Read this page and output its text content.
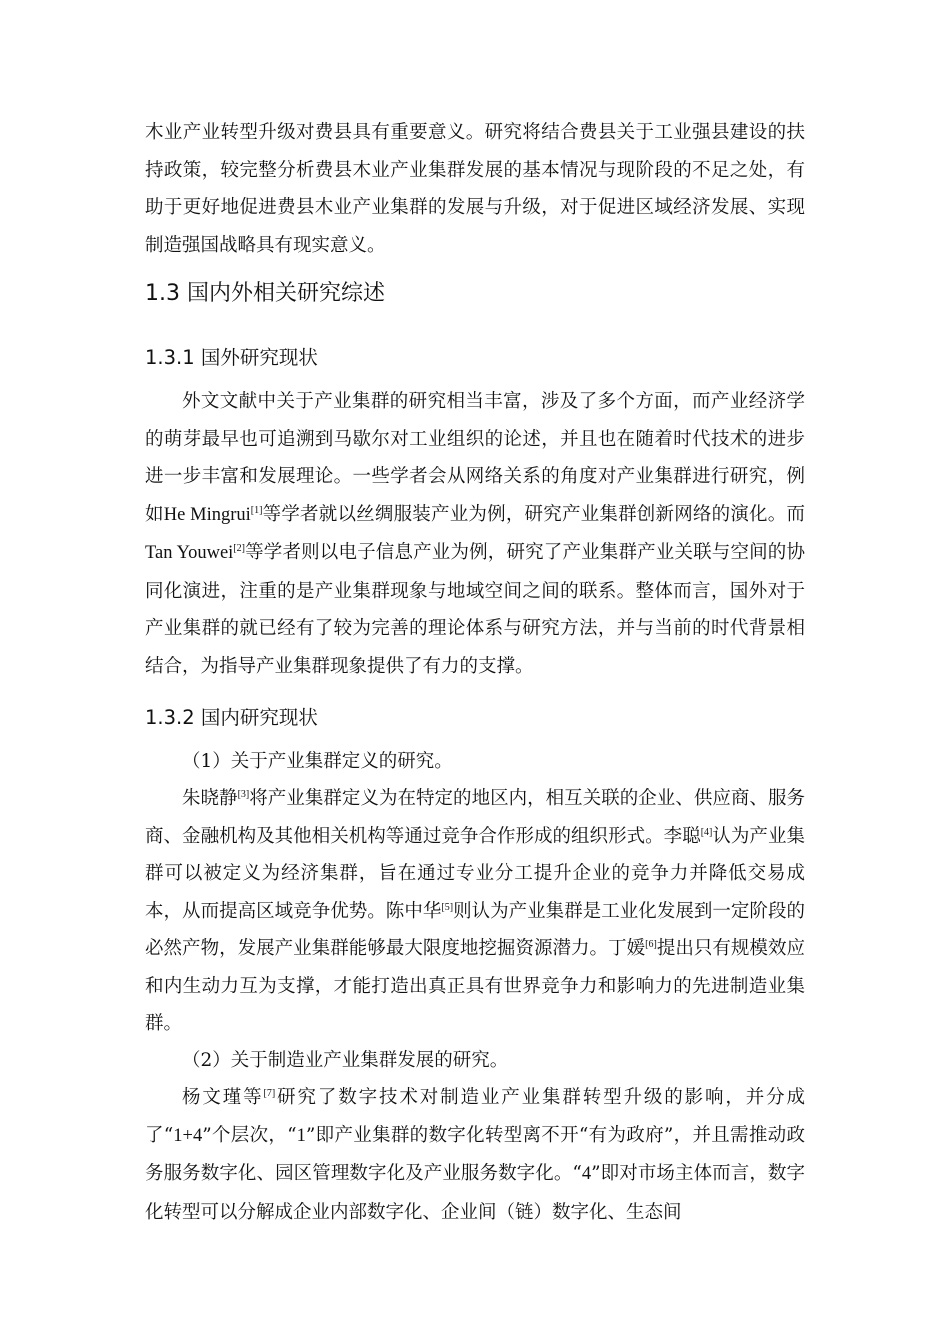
木业产业转型升级对费县具有重要意义。研究将结合费县关于工业强县建设的扶持政策，较完整分析费县木业产业集群发展的基本情况与现阶段的不足之处，有助于更好地促进费县木业产业集群的发展与升级，对于促进区域经济发展、实现制造强国战略具有现实意义。

1.3 国内外相关研究综述
1.3.1 国外研究现状

外文文献中关于产业集群的研究相当丰富，涉及了多个方面，而产业经济学的萌芽最早也可追溯到马歇尔对工业组织的论述，并且也在随着时代技术的进步进一步丰富和发展理论。一些学者会从网络关系的角度对产业集群进行研究，例如He Mingrui[1]等学者就以丝绸服装产业为例，研究产业集群创新网络的演化。而Tan Youwei[2]等学者则以电子信息产业为例，研究了产业集群产业关联与空间的协同化演进，注重的是产业集群现象与地域空间之间的联系。整体而言，国外对于产业集群的就已经有了较为完善的理论体系与研究方法，并与当前的时代背景相结合，为指导产业集群现象提供了有力的支撑。

1.3.2 国内研究现状

（1）关于产业集群定义的研究。

朱晓静[3]将产业集群定义为在特定的地区内，相互关联的企业、供应商、服务商、金融机构及其他相关机构等通过竞争合作形成的组织形式。李聪[4]认为产业集群可以被定义为经济集群，旨在通过专业分工提升企业的竞争力并降低交易成本，从而提高区域竞争优势。陈中华[5]则认为产业集群是工业化发展到一定阶段的必然产物，发展产业集群能够最大限度地挖掘资源潜力。丁媛[6]提出只有规模效应和内生动力互为支撑，才能打造出真正具有世界竞争力和影响力的先进制造业集群。

（2）关于制造业产业集群发展的研究。

杨文瑾等[7]研究了数字技术对制造业产业集群转型升级的影响，并分成了“1+4”个层次，“1”即产业集群的数字化转型离不开“有为政府”，并且需推动政务服务数字化、园区管理数字化及产业服务数字化。“4”即对市场主体而言，数字化转型可以分解成企业内部数字化、企业间（链）数字化、生态间
